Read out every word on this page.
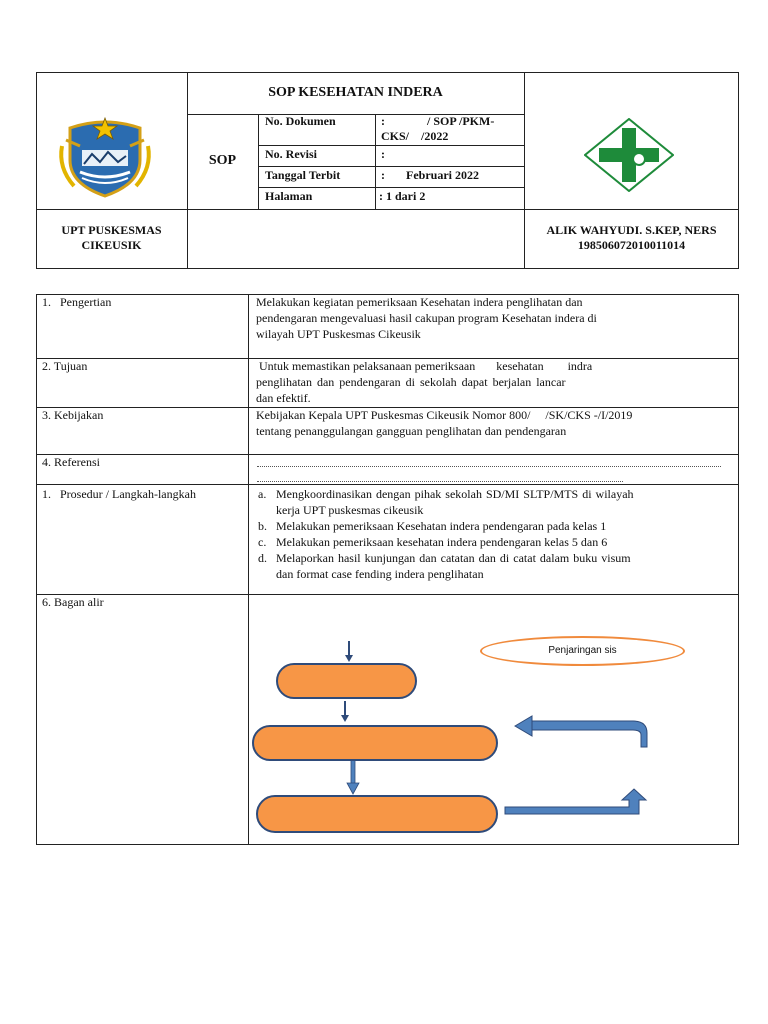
SOP KESEHATAN INDERA
SOP
No. Dokumen	:	/ SOP /PKM-
CKS/    /2022
No. Revisi	:
Tanggal Terbit	: Februari 2022
Halaman	: 1 dari 2
UPT PUSKESMAS
CIKEUSIK
ALIK WAHYUDI. S.KEP, NERS
198506072010011014
1.   Pengertian	Melakukan kegiatan pemeriksaan Kesehatan indera penglihatan dan
pendengaran mengevaluasi hasil cakupan program Kesehatan indera di
wilayah UPT Puskesmas Cikeusik
2. Tujuan	Untuk memastikan pelaksanaan pemeriksaan       kesehatan        indra
penglihatan dan pendengaran di sekolah dapat berjalan lancar
dan efektif.
3. Kebijakan	Kebijakan Kepala UPT Puskesmas Cikeusik Nomor 800/     /SK/CKS -/I/2019
tentang penanggulangan gangguan penglihatan dan pendengaran
4. Referensi
1.   Prosedur / Langkah-langkah	a. Mengkoordinasikan dengan pihak sekolah SD/MI SLTP/MTS di wilayah
kerja UPT puskesmas cikeusik
b. Melakukan pemeriksaan Kesehatan indera pendengaran pada kelas 1
c. Melakukan pemeriksaan kesehatan indera pendengaran kelas 5 dan 6
d. Melaporkan hasil kunjungan dan catatan dan di catat dalam buku visum
dan format case fending indera penglihatan
6. Bagan alir
Penjaringan sis
